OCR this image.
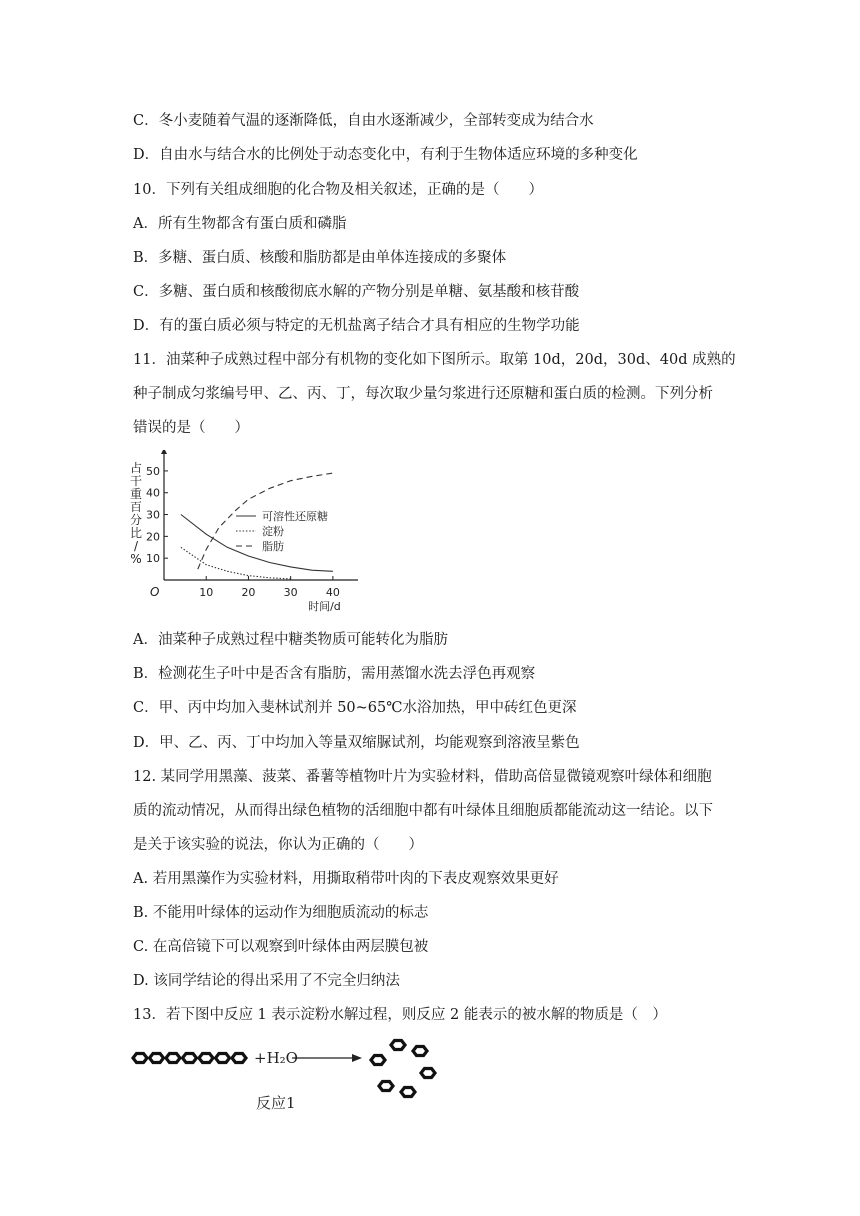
C．冬小麦随着气温的逐渐降低，自由水逐渐减少，全部转变成为结合水
D．自由水与结合水的比例处于动态变化中，有利于生物体适应环境的多种变化
10．下列有关组成细胞的化合物及相关叙述，正确的是（　　）
A．所有生物都含有蛋白质和磷脂
B．多糖、蛋白质、核酸和脂肪都是由单体连接成的多聚体
C．多糖、蛋白质和核酸彻底水解的产物分别是单糖、氨基酸和核苷酸
D．有的蛋白质必须与特定的无机盐离子结合才具有相应的生物学功能
11．油菜种子成熟过程中部分有机物的变化如下图所示。取第 10d，20d，30d、40d 成熟的
种子制成匀浆编号甲、乙、丙、丁，每次取少量匀浆进行还原糖和蛋白质的检测。下列分析
错误的是（　　）
A．油菜种子成熟过程中糖类物质可能转化为脂肪
B．检测花生子叶中是否含有脂肪，需用蒸馏水洗去浮色再观察
C．甲、丙中均加入斐林试剂并 50~65℃水浴加热，甲中砖红色更深
D．甲、乙、丙、丁中均加入等量双缩脲试剂，均能观察到溶液呈紫色
12. 某同学用黑藻、菠菜、番薯等植物叶片为实验材料，借助高倍显微镜观察叶绿体和细胞
质的流动情况，从而得出绿色植物的活细胞中都有叶绿体且细胞质都能流动这一结论。以下
是关于该实验的说法，你认为正确的（　　）
A. 若用黑藻作为实验材料，用撕取稍带叶肉的下表皮观察效果更好
B. 不能用叶绿体的运动作为细胞质流动的标志
C. 在高倍镜下可以观察到叶绿体由两层膜包被
D. 该同学结论的得出采用了不完全归纳法
13．若下图中反应 1 表示淀粉水解过程，则反应 2 能表示的被水解的物质是（　）
10
20
30
40
50
10	20	30	40
O
占
干
重
百
分
比
/
%
时间/d
可溶性还原糖
淀粉
脂肪
+H₂O
反应1
